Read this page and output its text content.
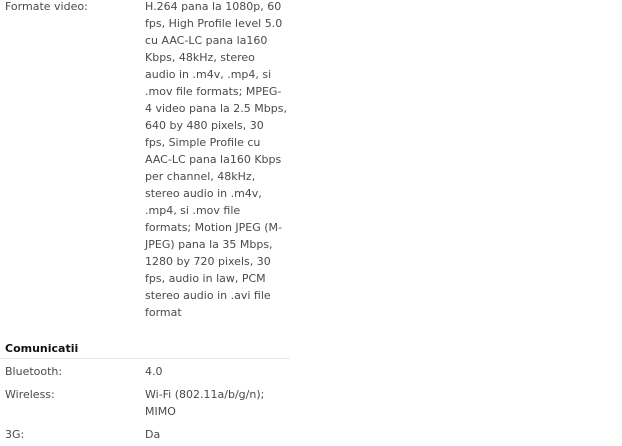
Formate video:	H.264 pana la 1080p, 60 fps, High Profile level 5.0 cu AAC-LC pana la160 Kbps, 48kHz, stereo audio in .m4v, .mp4, si .mov file formats; MPEG-4 video pana la 2.5 Mbps, 640 by 480 pixels, 30 fps, Simple Profile cu AAC-LC pana la160 Kbps per channel, 48kHz, stereo audio in .m4v, .mp4, si .mov file formats; Motion JPEG (M-JPEG) pana la 35 Mbps, 1280 by 720 pixels, 30 fps, audio in law, PCM stereo audio in .avi file format
Comunicatii
Bluetooth:	4.0
Wireless:	Wi-Fi (802.11a/b/g/n); MIMO
3G:	Da
